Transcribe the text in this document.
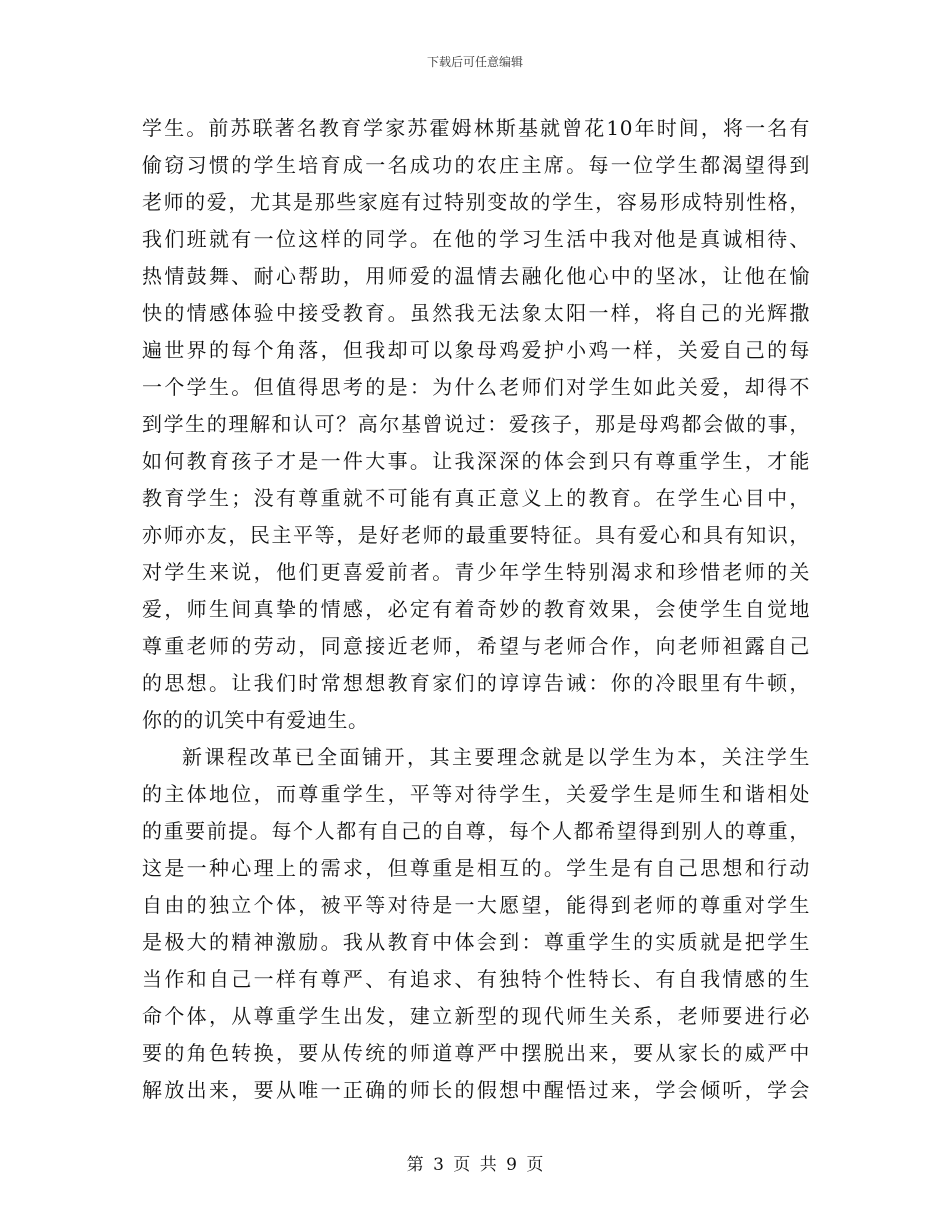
下载后可任意编辑
学生。前苏联著名教育学家苏霍姆林斯基就曾花10年时间，将一名有
偷窃习惯的学生培育成一名成功的农庄主席。每一位学生都渴望得到
老师的爱，尤其是那些家庭有过特别变故的学生，容易形成特别性格，
我们班就有一位这样的同学。在他的学习生活中我对他是真诚相待、
热情鼓舞、耐心帮助，用师爱的温情去融化他心中的坚冰，让他在愉
快的情感体验中接受教育。虽然我无法象太阳一样，将自己的光辉撒
遍世界的每个角落，但我却可以象母鸡爱护小鸡一样，关爱自己的每
一个学生。但值得思考的是：为什么老师们对学生如此关爱，却得不
到学生的理解和认可？高尔基曾说过：爱孩子，那是母鸡都会做的事，
如何教育孩子才是一件大事。让我深深的体会到只有尊重学生，才能
教育学生；没有尊重就不可能有真正意义上的教育。在学生心目中，
亦师亦友，民主平等，是好老师的最重要特征。具有爱心和具有知识，
对学生来说，他们更喜爱前者。青少年学生特别渴求和珍惜老师的关
爱，师生间真挚的情感，必定有着奇妙的教育效果，会使学生自觉地
尊重老师的劳动，同意接近老师，希望与老师合作，向老师袒露自己
的思想。让我们时常想想教育家们的谆谆告诫：你的冷眼里有牛顿，
你的的讥笑中有爱迪生。
新课程改革已全面铺开，其主要理念就是以学生为本，关注学生
的主体地位，而尊重学生，平等对待学生，关爱学生是师生和谐相处
的重要前提。每个人都有自己的自尊，每个人都希望得到别人的尊重，
这是一种心理上的需求，但尊重是相互的。学生是有自己思想和行动
自由的独立个体，被平等对待是一大愿望，能得到老师的尊重对学生
是极大的精神激励。我从教育中体会到：尊重学生的实质就是把学生
当作和自己一样有尊严、有追求、有独特个性特长、有自我情感的生
命个体，从尊重学生出发，建立新型的现代师生关系，老师要进行必
要的角色转换，要从传统的师道尊严中摆脱出来，要从家长的威严中
解放出来，要从唯一正确的师长的假想中醒悟过来，学会倾听，学会
第 3 页 共 9 页
